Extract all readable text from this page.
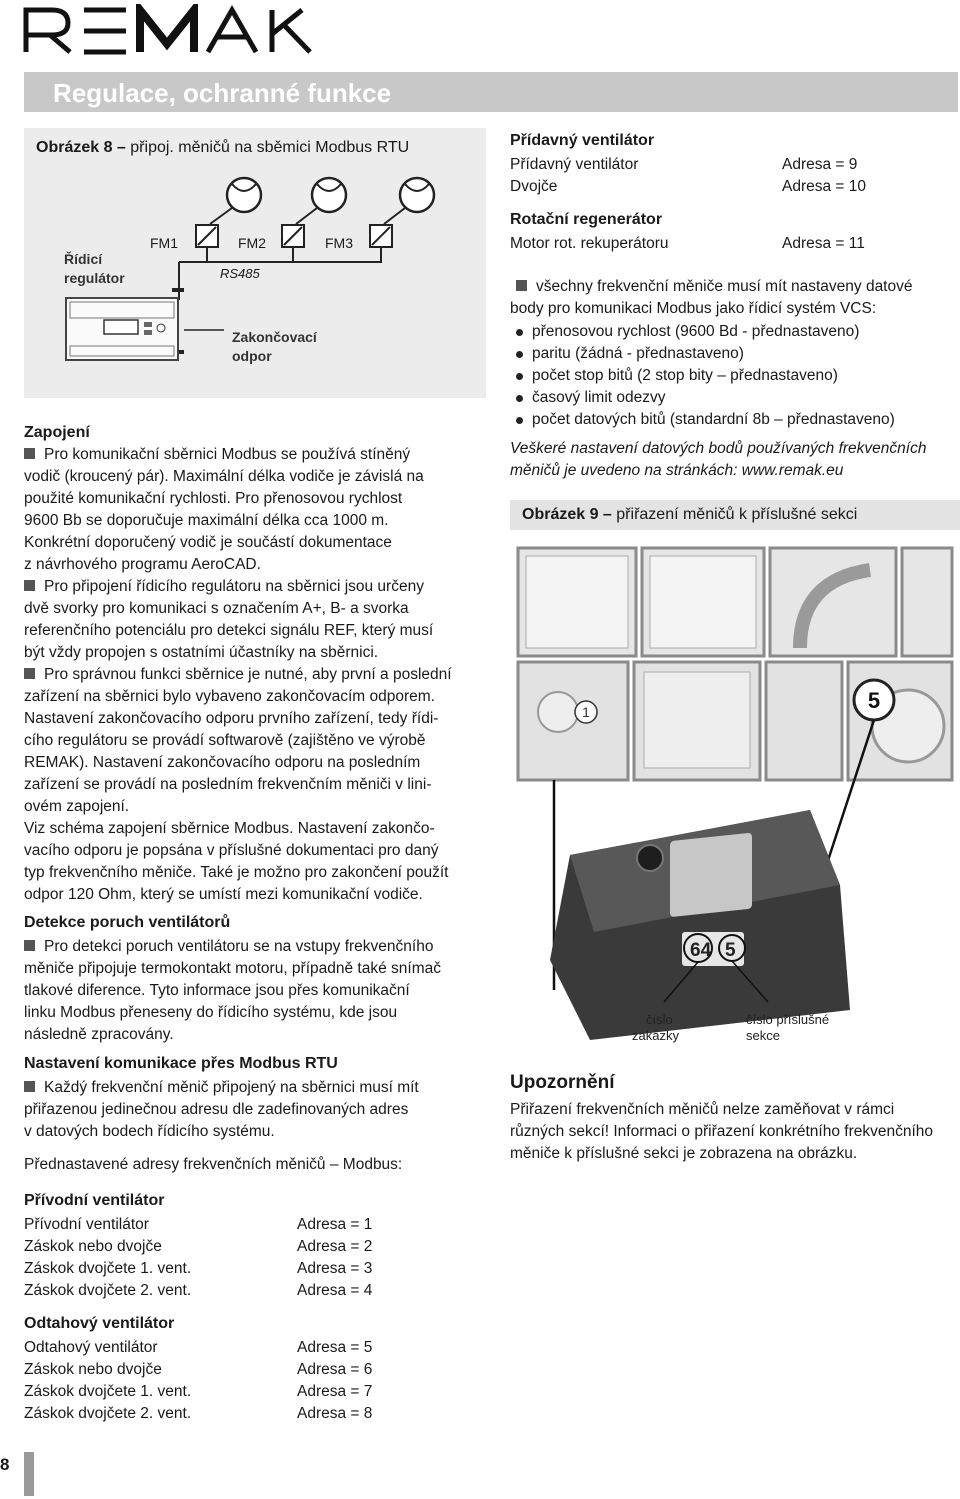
Regulace, ochranné funkce
Obrázek 8 – připoj. měničů na sběmici Modbus RTU
Řídicí
regulátor
FM1	FM2	FM3
RS485
Zakončovací
odpor
Zapojení
Pro komunikační sběrnici Modbus se používá stíněný
vodič (kroucený pár). Maximální délka vodiče je závislá na
použité komunikační rychlosti. Pro přenosovou rychlost
9600 Bb se doporučuje maximální délka cca 1000 m.
Konkrétní doporučený vodič je součástí dokumentace
z návrhového programu AeroCAD.
Pro připojení řídicího regulátoru na sběrnici jsou určeny
dvě svorky pro komunikaci s označením A+, B- a svorka
referenčního potenciálu pro detekci signálu REF, který musí
být vždy propojen s ostatními účastníky na sběrnici.
Pro správnou funkci sběrnice je nutné, aby první a poslední
zařízení na sběrnici bylo vybaveno zakončovacím odporem.
Nastavení zakončovacího odporu prvního zařízení, tedy řídi-
cího regulátoru se provádí softwarově (zajištěno ve výrobě
REMAK). Nastavení zakončovacího odporu na posledním
zařízení se provádí na posledním frekvenčním měniči v lini-
ovém zapojení.
Viz schéma zapojení sběrnice Modbus. Nastavení zakončo-
vacího odporu je popsána v příslušné dokumentaci pro daný
typ frekvenčního měniče. Také je možno pro zakončení použít
odpor 120 Ohm, který se umístí mezi komunikační vodiče.
Detekce poruch ventilátorů
Pro detekci poruch ventilátoru se na vstupy frekvenčního
měniče připojuje termokontakt motoru, případně také snímač
tlakové diference. Tyto informace jsou přes komunikační
linku Modbus přeneseny do řídicího systému, kde jsou
následně zpracovány.
Nastavení komunikace přes Modbus RTU
Každý frekvenční měnič připojený na sběrnici musí mít
přiřazenou jedinečnou adresu dle zadefinovaných adres
v datových bodech řídicího systému.
Přednastavené adresy frekvenčních měničů – Modbus:
Přívodní ventilátor
Přívodní ventilátor	Adresa = 1
Záskok nebo dvojče	Adresa = 2
Záskok dvojčete 1. vent.	Adresa = 3
Záskok dvojčete 2. vent.	Adresa = 4
Odtahový ventilátor
Odtahový ventilátor	Adresa = 5
Záskok nebo dvojče	Adresa = 6
Záskok dvojčete 1. vent.	Adresa = 7
Záskok dvojčete 2. vent.	Adresa = 8
Přídavný ventilátor
Přídavný ventilátor	Adresa = 9
Dvojče	Adresa = 10
Rotační regenerátor
Motor rot. rekuperátoru	Adresa = 11
všechny frekvenční měniče musí mít nastaveny datové
body pro komunikaci Modbus jako řídicí systém VCS:
přenosovou rychlost (9600 Bd - přednastaveno)
paritu (žádná - přednastaveno)
počet stop bitů (2 stop bity – přednastaveno)
časový limit odezvy
počet datových bitů (standardní 8b – přednastaveno)
Veškeré nastavení datových bodů používaných frekvenčních
měničů je uvedeno na stránkách: www.remak.eu
Obrázek 9 – přiřazení měničů k příslušné sekci
1	5
64 5
číslo
zakázky
číslo příslušné
sekce
Upozornění
Přiřazení frekvenčních měničů nelze zaměňovat v rámci
různých sekcí! Informaci o přiřazení konkrétního frekvenčního
měniče k příslušné sekci je zobrazena na obrázku.
8
